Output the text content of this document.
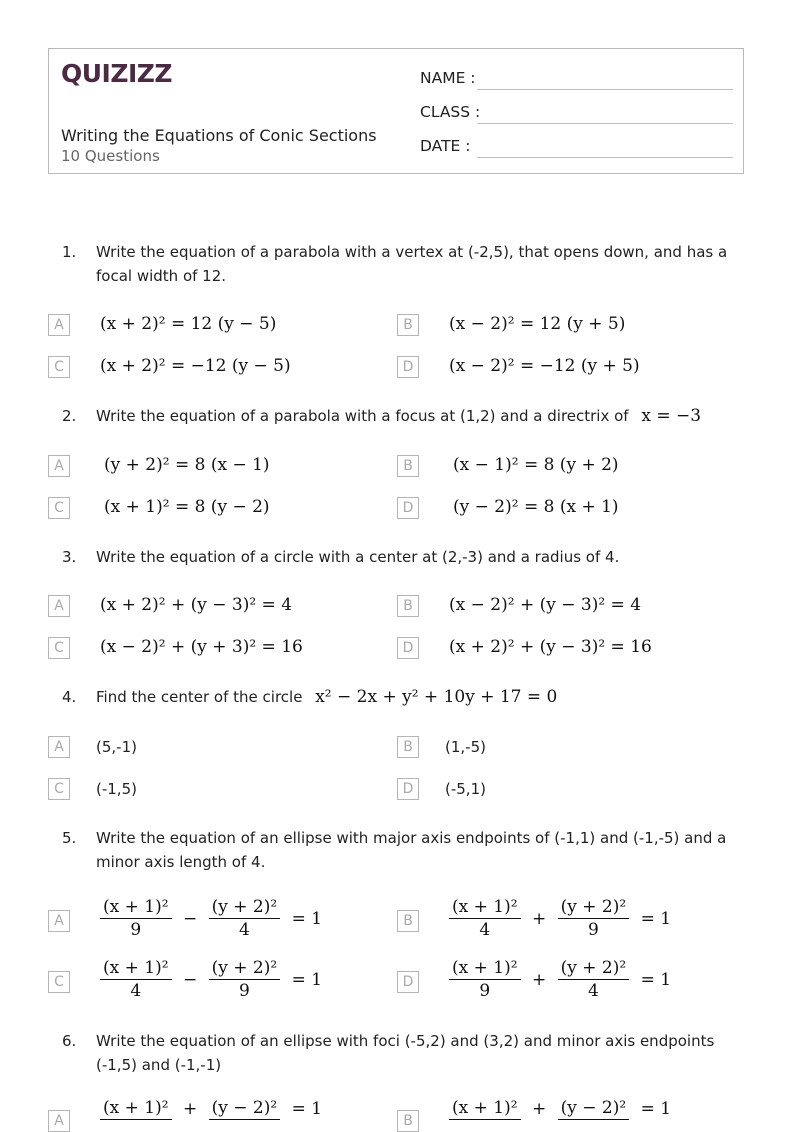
QUIZIZZ
Writing the Equations of Conic Sections
10 Questions
NAME :
CLASS :
DATE :
1. Write the equation of a parabola with a vertex at (-2,5), that opens down, and has a focal width of 12.
A	(x + 2)² = 12 (y − 5)	B	(x − 2)² = 12 (y + 5)
C	(x + 2)² = −12 (y − 5)	D	(x − 2)² = −12 (y + 5)
2. Write the equation of a parabola with a focus at (1,2) and a directrix of x = −3
A	(y + 2)² = 8 (x − 1)	B	(x − 1)² = 8 (y + 2)
C	(x + 1)² = 8 (y − 2)	D	(y − 2)² = 8 (x + 1)
3. Write the equation of a circle with a center at (2,-3) and a radius of 4.
A	(x + 2)² + (y − 3)² = 4	B	(x − 2)² + (y − 3)² = 4
C	(x − 2)² + (y + 3)² = 16	D	(x + 2)² + (y − 3)² = 16
4. Find the center of the circle x² − 2x + y² + 10y + 17 = 0
A	(5,-1)	B	(1,-5)
C	(-1,5)	D	(-5,1)
5. Write the equation of an ellipse with major axis endpoints of (-1,1) and (-1,-5) and a minor axis length of 4.
A	$\frac{\text{(x + 1)²}}{9} - \frac{\text{(y + 2)²}}{4} = 1$	B	$\frac{\text{(x + 1)²}}{4} + \frac{\text{(y + 2)²}}{9} = 1$
C	$\frac{\text{(x + 1)²}}{4} - \frac{\text{(y + 2)²}}{9} = 1$	D	$\frac{\text{(x + 1)²}}{9} + \frac{\text{(y + 2)²}}{4} = 1$
6. Write the equation of an ellipse with foci (-5,2) and (3,2) and minor axis endpoints (-1,5) and (-1,-1)
A
(x + 1)² + (y − 2)² = 1
B
(x + 1)² + (y − 2)² = 1
